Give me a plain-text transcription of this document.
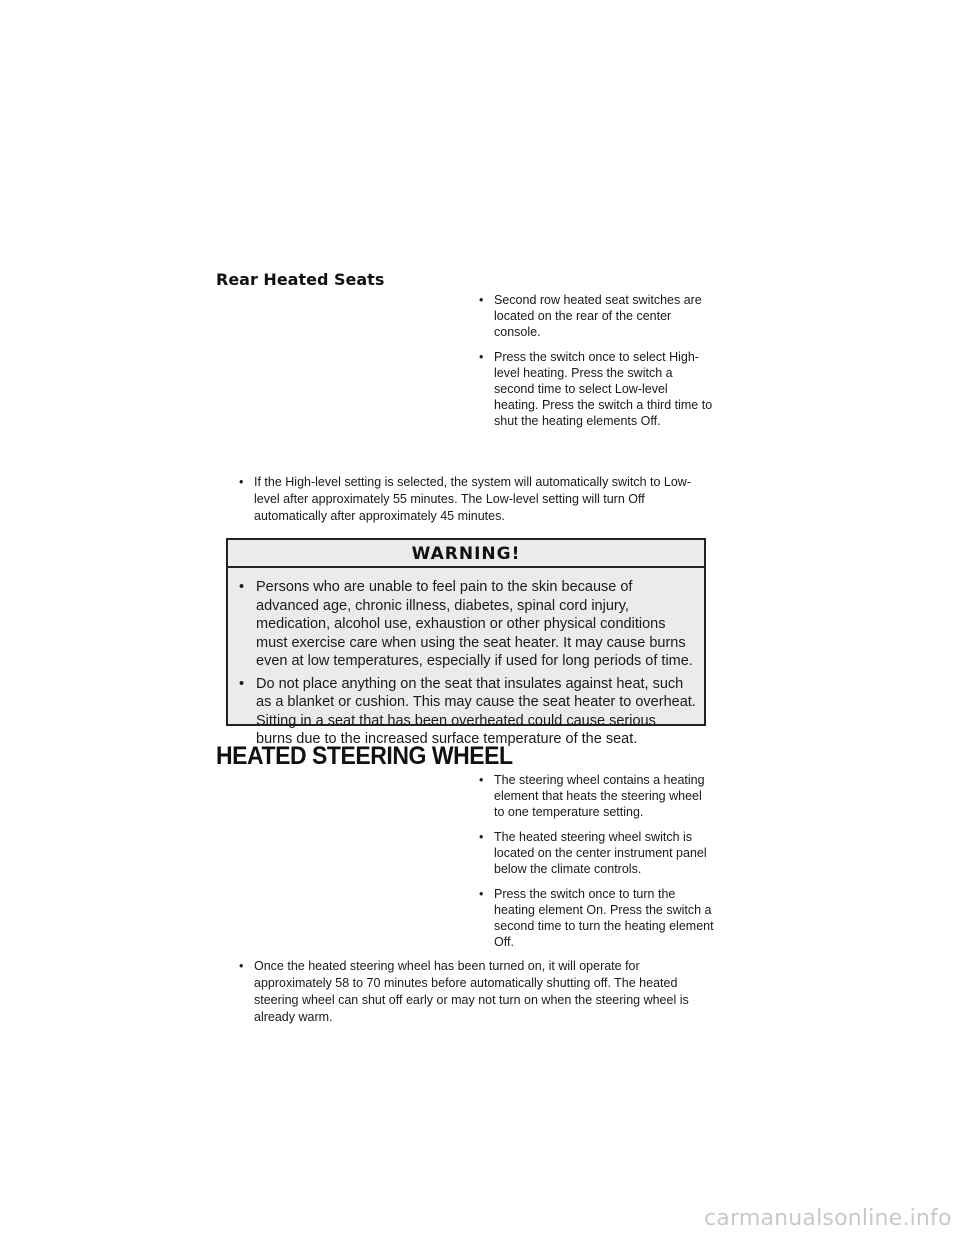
Rear Heated Seats
• Second row heated seat switches are located on the rear of the center console.
• Press the switch once to select High-level heating. Press the switch a second time to select Low-level heating. Press the switch a third time to shut the heating elements Off.
• If the High-level setting is selected, the system will automatically switch to Low-level after approximately 55 minutes. The Low-level setting will turn Off automatically after approximately 45 minutes.
WARNING!
• Persons who are unable to feel pain to the skin because of advanced age, chronic illness, diabetes, spinal cord injury, medication, alcohol use, exhaustion or other physical conditions must exercise care when using the seat heater. It may cause burns even at low temperatures, especially if used for long periods of time.
• Do not place anything on the seat that insulates against heat, such as a blanket or cushion. This may cause the seat heater to overheat. Sitting in a seat that has been overheated could cause serious burns due to the increased surface temperature of the seat.
HEATED STEERING WHEEL
• The steering wheel contains a heating element that heats the steering wheel to one temperature setting.
• The heated steering wheel switch is located on the center instrument panel below the climate controls.
• Press the switch once to turn the heating element On. Press the switch a second time to turn the heating element Off.
• Once the heated steering wheel has been turned on, it will operate for approximately 58 to 70 minutes before automatically shutting off. The heated steering wheel can shut off early or may not turn on when the steering wheel is already warm.
carmanualsonline.info
